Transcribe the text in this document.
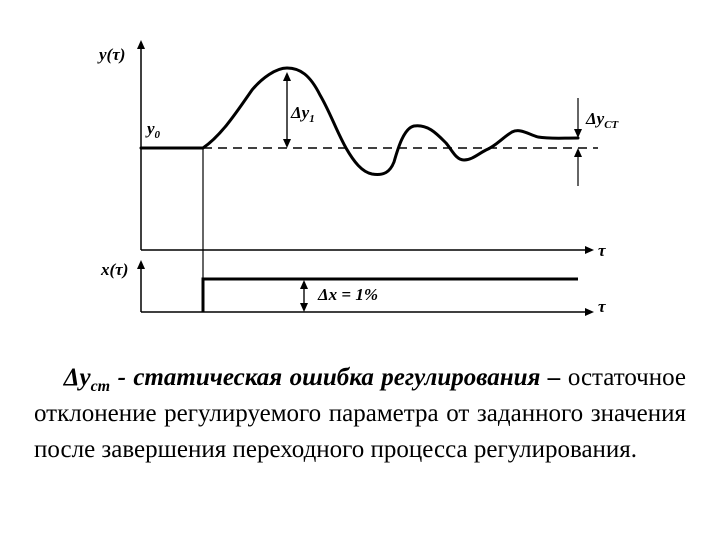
y(τ)
τ
$y_0$
$\Delta y_1$	$\Delta y_{CT}$
x(τ)
τ
Δx = 1%

$\Delta y_{ст}$ - статическая ошибка регулирования – остаточное отклонение регулируемого параметра от заданного значения после завершения переходного процесса регулирования.
